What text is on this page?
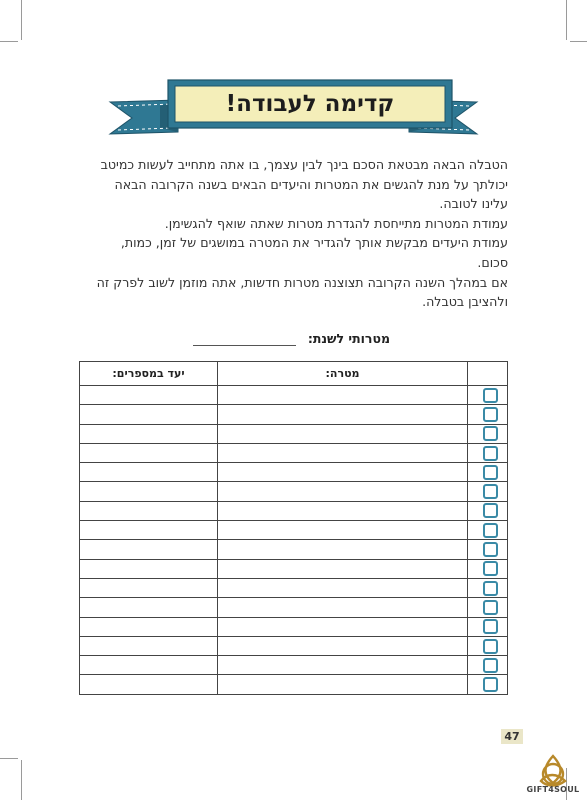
קדימה לעבודה!

הטבלה הבאה מבטאת הסכם בינך לבין עצמך, בו אתה מתחייב לעשות כמיטב יכולתך על מנת להגשים את המטרות והיעדים הבאים בשנה הקרובה הבאה עלינו לטובה.

עמודת המטרות מתייחסת להגדרת מטרות שאתה שואף להגשימן.

עמודת היעדים מבקשת אותך להגדיר את המטרה במושגים של זמן, כמות, סכום.

אם במהלך השנה הקרובה תצוצנה מטרות חדשות, אתה מוזמן לשוב לפרק זה ולהציבן בטבלה.

מטרותי לשנת:
יעד במספרים:	מטרה:	

47
GIFT4SOUL
